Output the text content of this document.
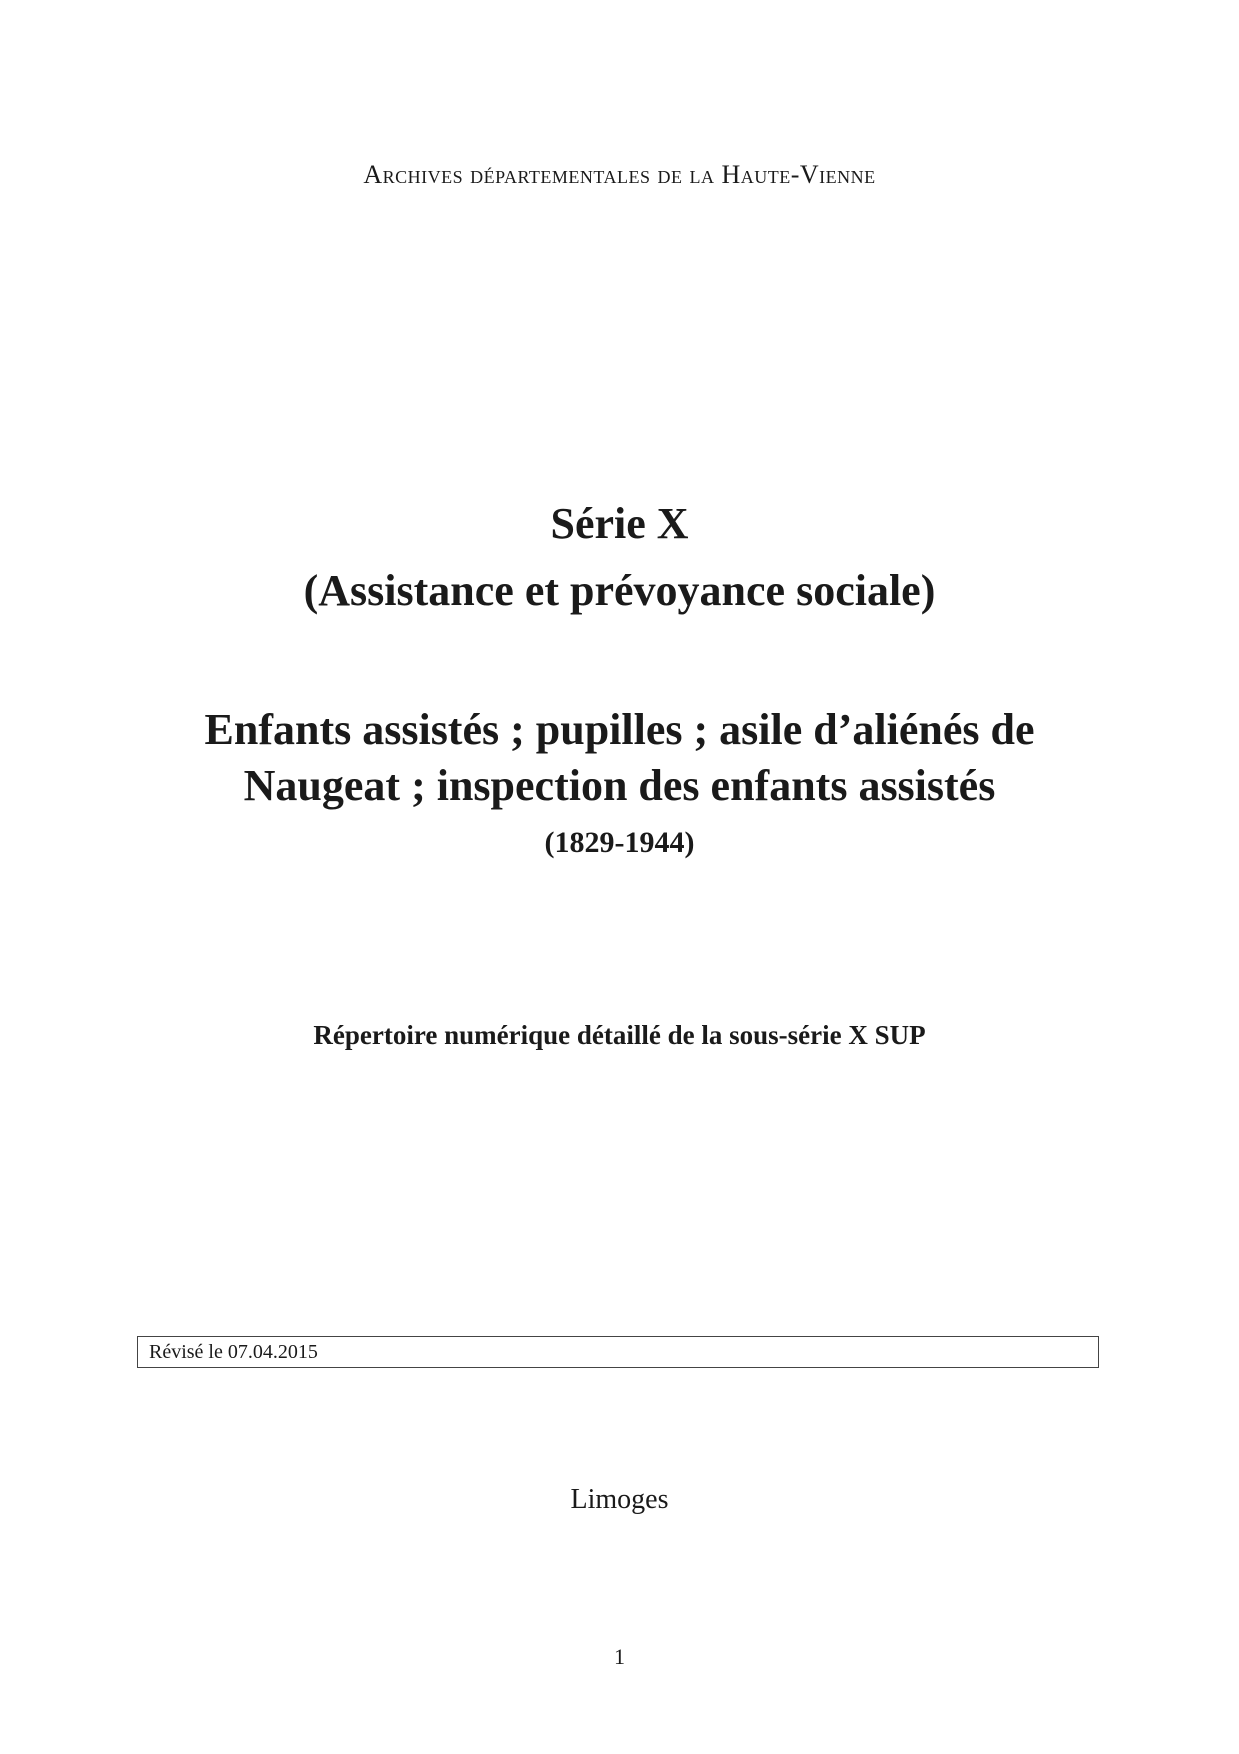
Archives départementales de la Haute-Vienne
Série X
(Assistance et prévoyance sociale)
Enfants assistés ; pupilles ; asile d’aliénés de
Naugeat ; inspection des enfants assistés
(1829-1944)
Répertoire numérique détaillé de la sous-série X SUP
Révisé le 07.04.2015
Limoges
1
